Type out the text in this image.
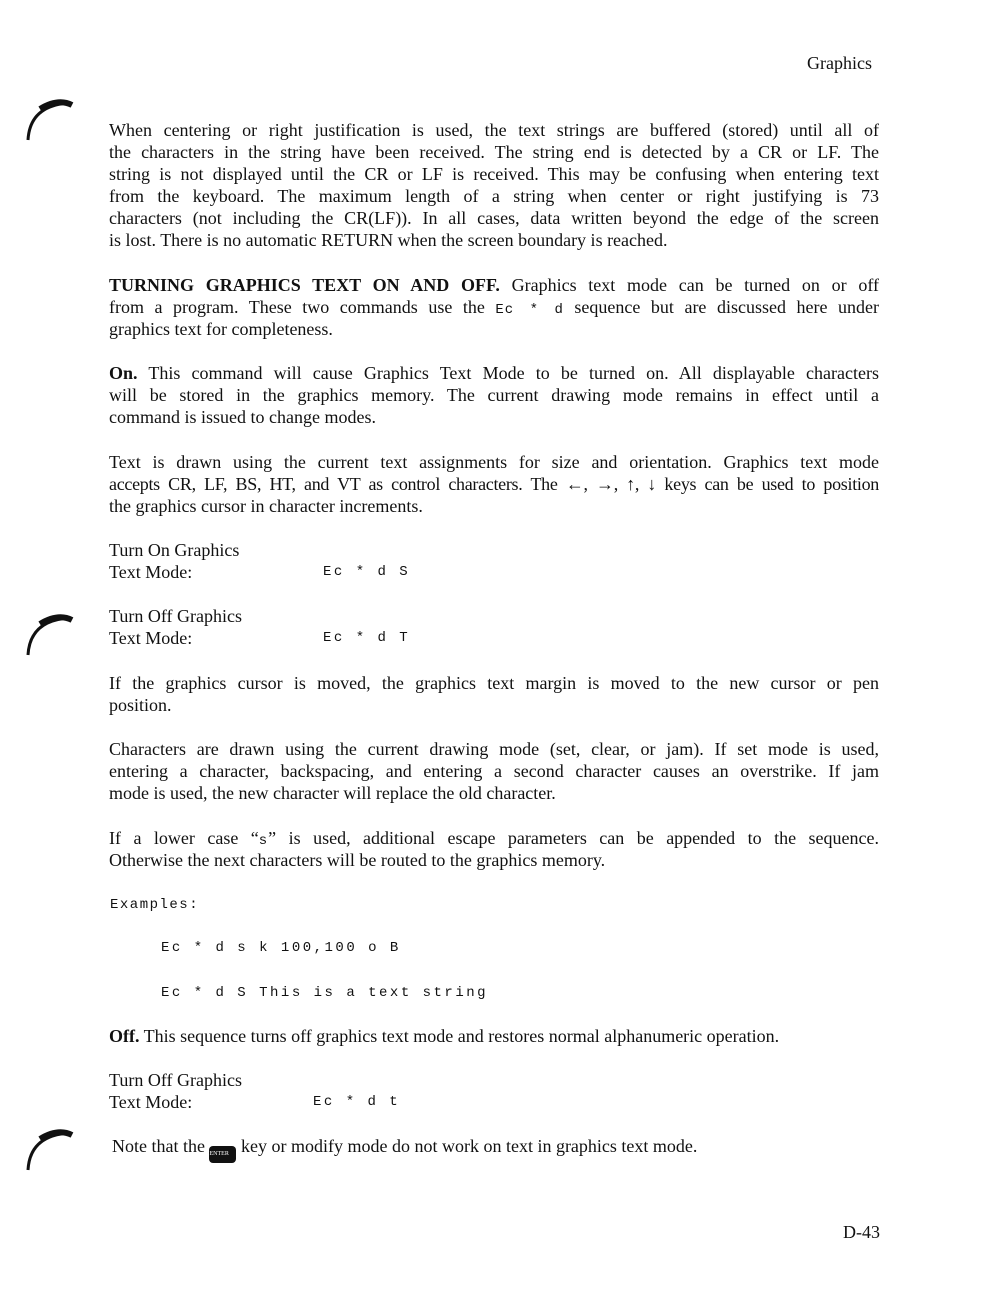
Graphics
When centering or right justification is used, the text strings are buffered (stored) until all of
the characters in the string have been received. The string end is detected by a CR or LF. The
string is not displayed until the CR or LF is received. This may be confusing when entering text
from the keyboard. The maximum length of a string when center or right justifying is 73
characters (not including the CR(LF)). In all cases, data written beyond the edge of the screen
is lost. There is no automatic RETURN when the screen boundary is reached.
TURNING GRAPHICS TEXT ON AND OFF. Graphics text mode can be turned on or off
from a program. These two commands use the Ec * d sequence but are discussed here under
graphics text for completeness.
On. This command will cause Graphics Text Mode to be turned on. All displayable characters
will be stored in the graphics memory. The current drawing mode remains in effect until a
command is issued to change modes.
Text is drawn using the current text assignments for size and orientation. Graphics text mode
accepts CR, LF, BS, HT, and VT as control characters. The ←, →, ↑, ↓ keys can be used to position
the graphics cursor in character increments.
Turn On Graphics
Text Mode:	Ec * d S
Turn Off Graphics
Text Mode:	Ec * d T
If the graphics cursor is moved, the graphics text margin is moved to the new cursor or pen
position.
Characters are drawn using the current drawing mode (set, clear, or jam). If set mode is used,
entering a character, backspacing, and entering a second character causes an overstrike. If jam
mode is used, the new character will replace the old character.
If a lower case “s” is used, additional escape parameters can be appended to the sequence.
Otherwise the next characters will be routed to the graphics memory.
Examples:
Ec * d s k 100,100 o B
Ec * d S This is a text string
Off. This sequence turns off graphics text mode and restores normal alphanumeric operation.
Turn Off Graphics
Text Mode:	Ec * d t
Note that the ENTER key or modify mode do not work on text in graphics text mode.
D-43
